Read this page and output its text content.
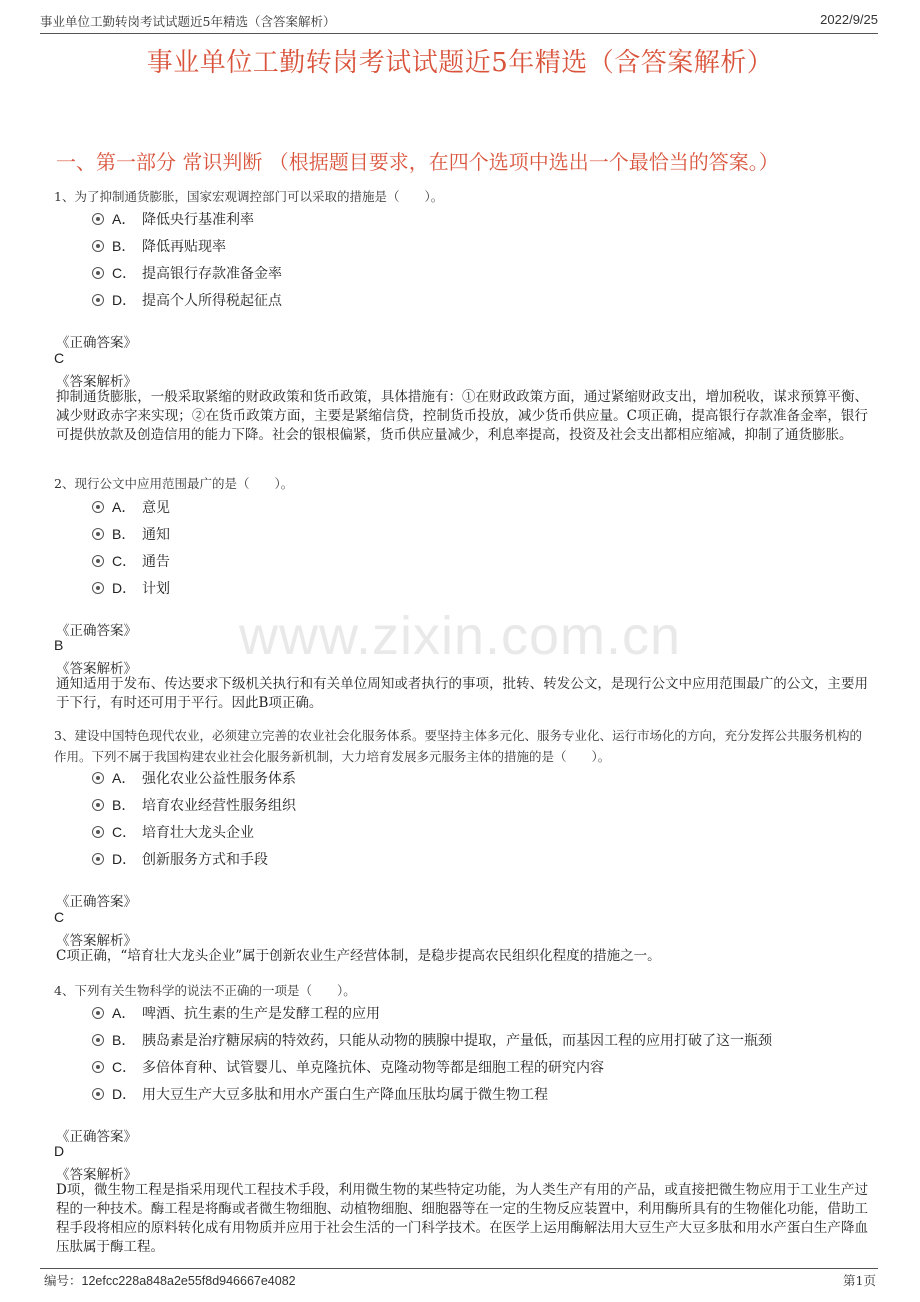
事业单位工勤转岗考试试题近5年精选（含答案解析）	2022/9/25
www.zixin.com.cn
事业单位工勤转岗考试试题近5年精选（含答案解析）
一、第一部分 常识判断 （根据题目要求，在四个选项中选出一个最恰当的答案。）
1、为了抑制通货膨胀，国家宏观调控部门可以采取的措施是（　　）。
A． 降低央行基准利率
B． 降低再贴现率
C． 提高银行存款准备金率
D． 提高个人所得税起征点
《正确答案》
C
《答案解析》
抑制通货膨胀，一般采取紧缩的财政政策和货币政策，具体措施有：①在财政政策方面，通过紧缩财政支出，增加税收，谋求预算平衡、减少财政赤字来实现；②在货币政策方面，主要是紧缩信贷，控制货币投放，减少货币供应量。C项正确，提高银行存款准备金率，银行可提供放款及创造信用的能力下降。社会的银根偏紧，货币供应量减少，利息率提高，投资及社会支出都相应缩减，抑制了通货膨胀。
2、现行公文中应用范围最广的是（　　）。
A． 意见
B． 通知
C． 通告
D． 计划
《正确答案》
B
《答案解析》
通知适用于发布、传达要求下级机关执行和有关单位周知或者执行的事项，批转、转发公文，是现行公文中应用范围最广的公文，主要用于下行，有时还可用于平行。因此B项正确。
3、建设中国特色现代农业，必须建立完善的农业社会化服务体系。要坚持主体多元化、服务专业化、运行市场化的方向，充分发挥公共服务机构的作用。下列不属于我国构建农业社会化服务新机制，大力培育发展多元服务主体的措施的是（　　）。
A． 强化农业公益性服务体系
B． 培育农业经营性服务组织
C． 培育壮大龙头企业
D． 创新服务方式和手段
《正确答案》
C
《答案解析》
C项正确，“培育壮大龙头企业”属于创新农业生产经营体制，是稳步提高农民组织化程度的措施之一。
4、下列有关生物科学的说法不正确的一项是（　　）。
A． 啤酒、抗生素的生产是发酵工程的应用
B． 胰岛素是治疗糖尿病的特效药，只能从动物的胰腺中提取，产量低，而基因工程的应用打破了这一瓶颈
C． 多倍体育种、试管婴儿、单克隆抗体、克隆动物等都是细胞工程的研究内容
D． 用大豆生产大豆多肽和用水产蛋白生产降血压肽均属于微生物工程
《正确答案》
D
《答案解析》
D项，微生物工程是指采用现代工程技术手段，利用微生物的某些特定功能，为人类生产有用的产品，或直接把微生物应用于工业生产过程的一种技术。酶工程是将酶或者微生物细胞、动植物细胞、细胞器等在一定的生物反应装置中，利用酶所具有的生物催化功能，借助工程手段将相应的原料转化成有用物质并应用于社会生活的一门科学技术。在医学上运用酶解法用大豆生产大豆多肽和用水产蛋白生产降血压肽属于酶工程。
编号：12efcc228a848a2e55f8d946667e4082	第1页
